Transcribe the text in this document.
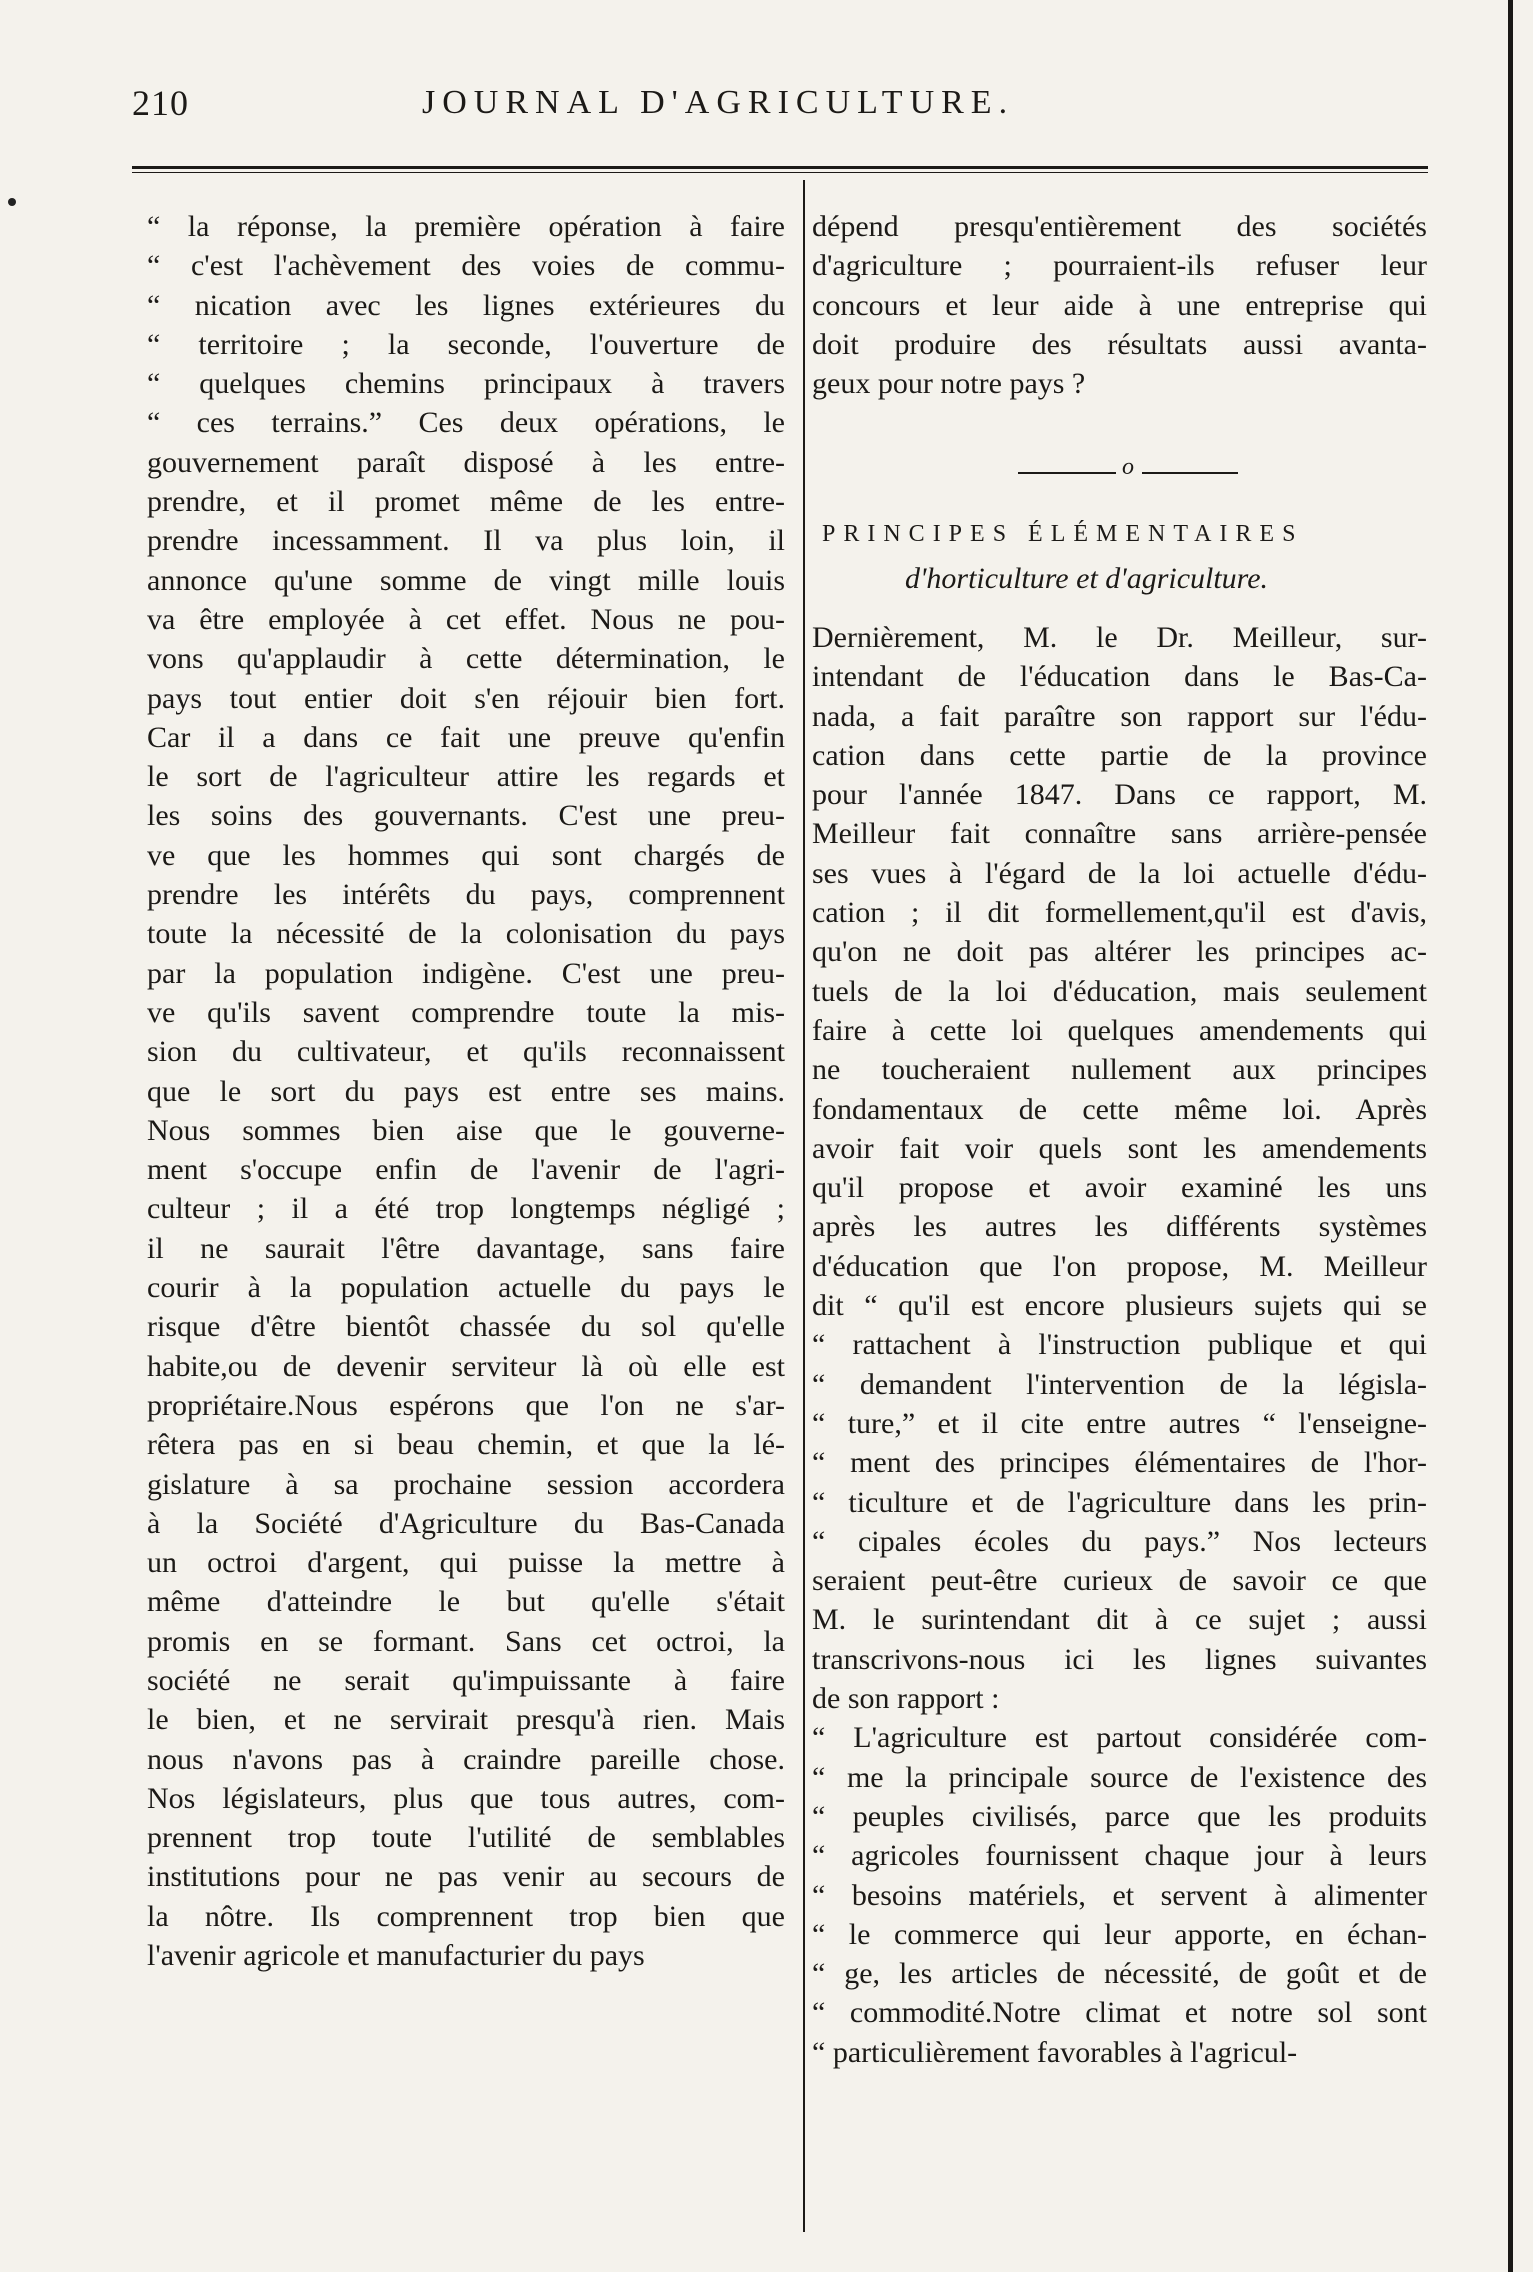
210	JOURNAL D'AGRICULTURE.
“ la réponse, la première opération à faire
“ c'est l'achèvement des voies de commu-
“ nication avec les lignes extérieures du
“ territoire ; la seconde, l'ouverture de
“ quelques chemins principaux à travers
“ ces terrains.” Ces deux opérations, le
gouvernement paraît disposé à les entre-
prendre, et il promet même de les entre-
prendre incessamment. Il va plus loin, il
annonce qu'une somme de vingt mille louis
va être employée à cet effet. Nous ne pou-
vons qu'applaudir à cette détermination, le
pays tout entier doit s'en réjouir bien fort.
Car il a dans ce fait une preuve qu'enfin
le sort de l'agriculteur attire les regards et
les soins des gouvernants. C'est une preu-
ve que les hommes qui sont chargés de
prendre les intérêts du pays, comprennent
toute la nécessité de la colonisation du pays
par la population indigène. C'est une preu-
ve qu'ils savent comprendre toute la mis-
sion du cultivateur, et qu'ils reconnaissent
que le sort du pays est entre ses mains.
Nous sommes bien aise que le gouverne-
ment s'occupe enfin de l'avenir de l'agri-
culteur ; il a été trop longtemps négligé ;
il ne saurait l'être davantage, sans faire
courir à la population actuelle du pays le
risque d'être bientôt chassée du sol qu'elle
habite,ou de devenir serviteur là où elle est
propriétaire.Nous espérons que l'on ne s'ar-
rêtera pas en si beau chemin, et que la lé-
gislature à sa prochaine session accordera
à la Société d'Agriculture du Bas-Canada
un octroi d'argent, qui puisse la mettre à
même d'atteindre le but qu'elle s'était
promis en se formant. Sans cet octroi, la
société ne serait qu'impuissante à faire
le bien, et ne servirait presqu'à rien. Mais
nous n'avons pas à craindre pareille chose.
Nos législateurs, plus que tous autres, com-
prennent trop toute l'utilité de semblables
institutions pour ne pas venir au secours de
la nôtre. Ils comprennent trop bien que
l'avenir agricole et manufacturier du pays
dépend presqu'entièrement des sociétés
d'agriculture ; pourraient-ils refuser leur
concours et leur aide à une entreprise qui
doit produire des résultats aussi avanta-
geux pour notre pays ?
o
PRINCIPES ÉLÉMENTAIRES
d'horticulture et d'agriculture.
Dernièrement, M. le Dr. Meilleur, sur-
intendant de l'éducation dans le Bas-Ca-
nada, a fait paraître son rapport sur l'édu-
cation dans cette partie de la province
pour l'année 1847. Dans ce rapport, M.
Meilleur fait connaître sans arrière-pensée
ses vues à l'égard de la loi actuelle d'édu-
cation ; il dit formellement,qu'il est d'avis,
qu'on ne doit pas altérer les principes ac-
tuels de la loi d'éducation, mais seulement
faire à cette loi quelques amendements qui
ne toucheraient nullement aux principes
fondamentaux de cette même loi. Après
avoir fait voir quels sont les amendements
qu'il propose et avoir examiné les uns
après les autres les différents systèmes
d'éducation que l'on propose, M. Meilleur
dit “ qu'il est encore plusieurs sujets qui se
“ rattachent à l'instruction publique et qui
“ demandent l'intervention de la législa-
“ ture,” et il cite entre autres “ l'enseigne-
“ ment des principes élémentaires de l'hor-
“ ticulture et de l'agriculture dans les prin-
“ cipales écoles du pays.” Nos lecteurs
seraient peut-être curieux de savoir ce que
M. le surintendant dit à ce sujet ; aussi
transcrivons-nous ici les lignes suivantes
de son rapport :
“ L'agriculture est partout considérée com-
“ me la principale source de l'existence des
“ peuples civilisés, parce que les produits
“ agricoles fournissent chaque jour à leurs
“ besoins matériels, et servent à alimenter
“ le commerce qui leur apporte, en échan-
“ ge, les articles de nécessité, de goût et de
“ commodité.Notre climat et notre sol sont
“ particulièrement favorables à l'agricul-
